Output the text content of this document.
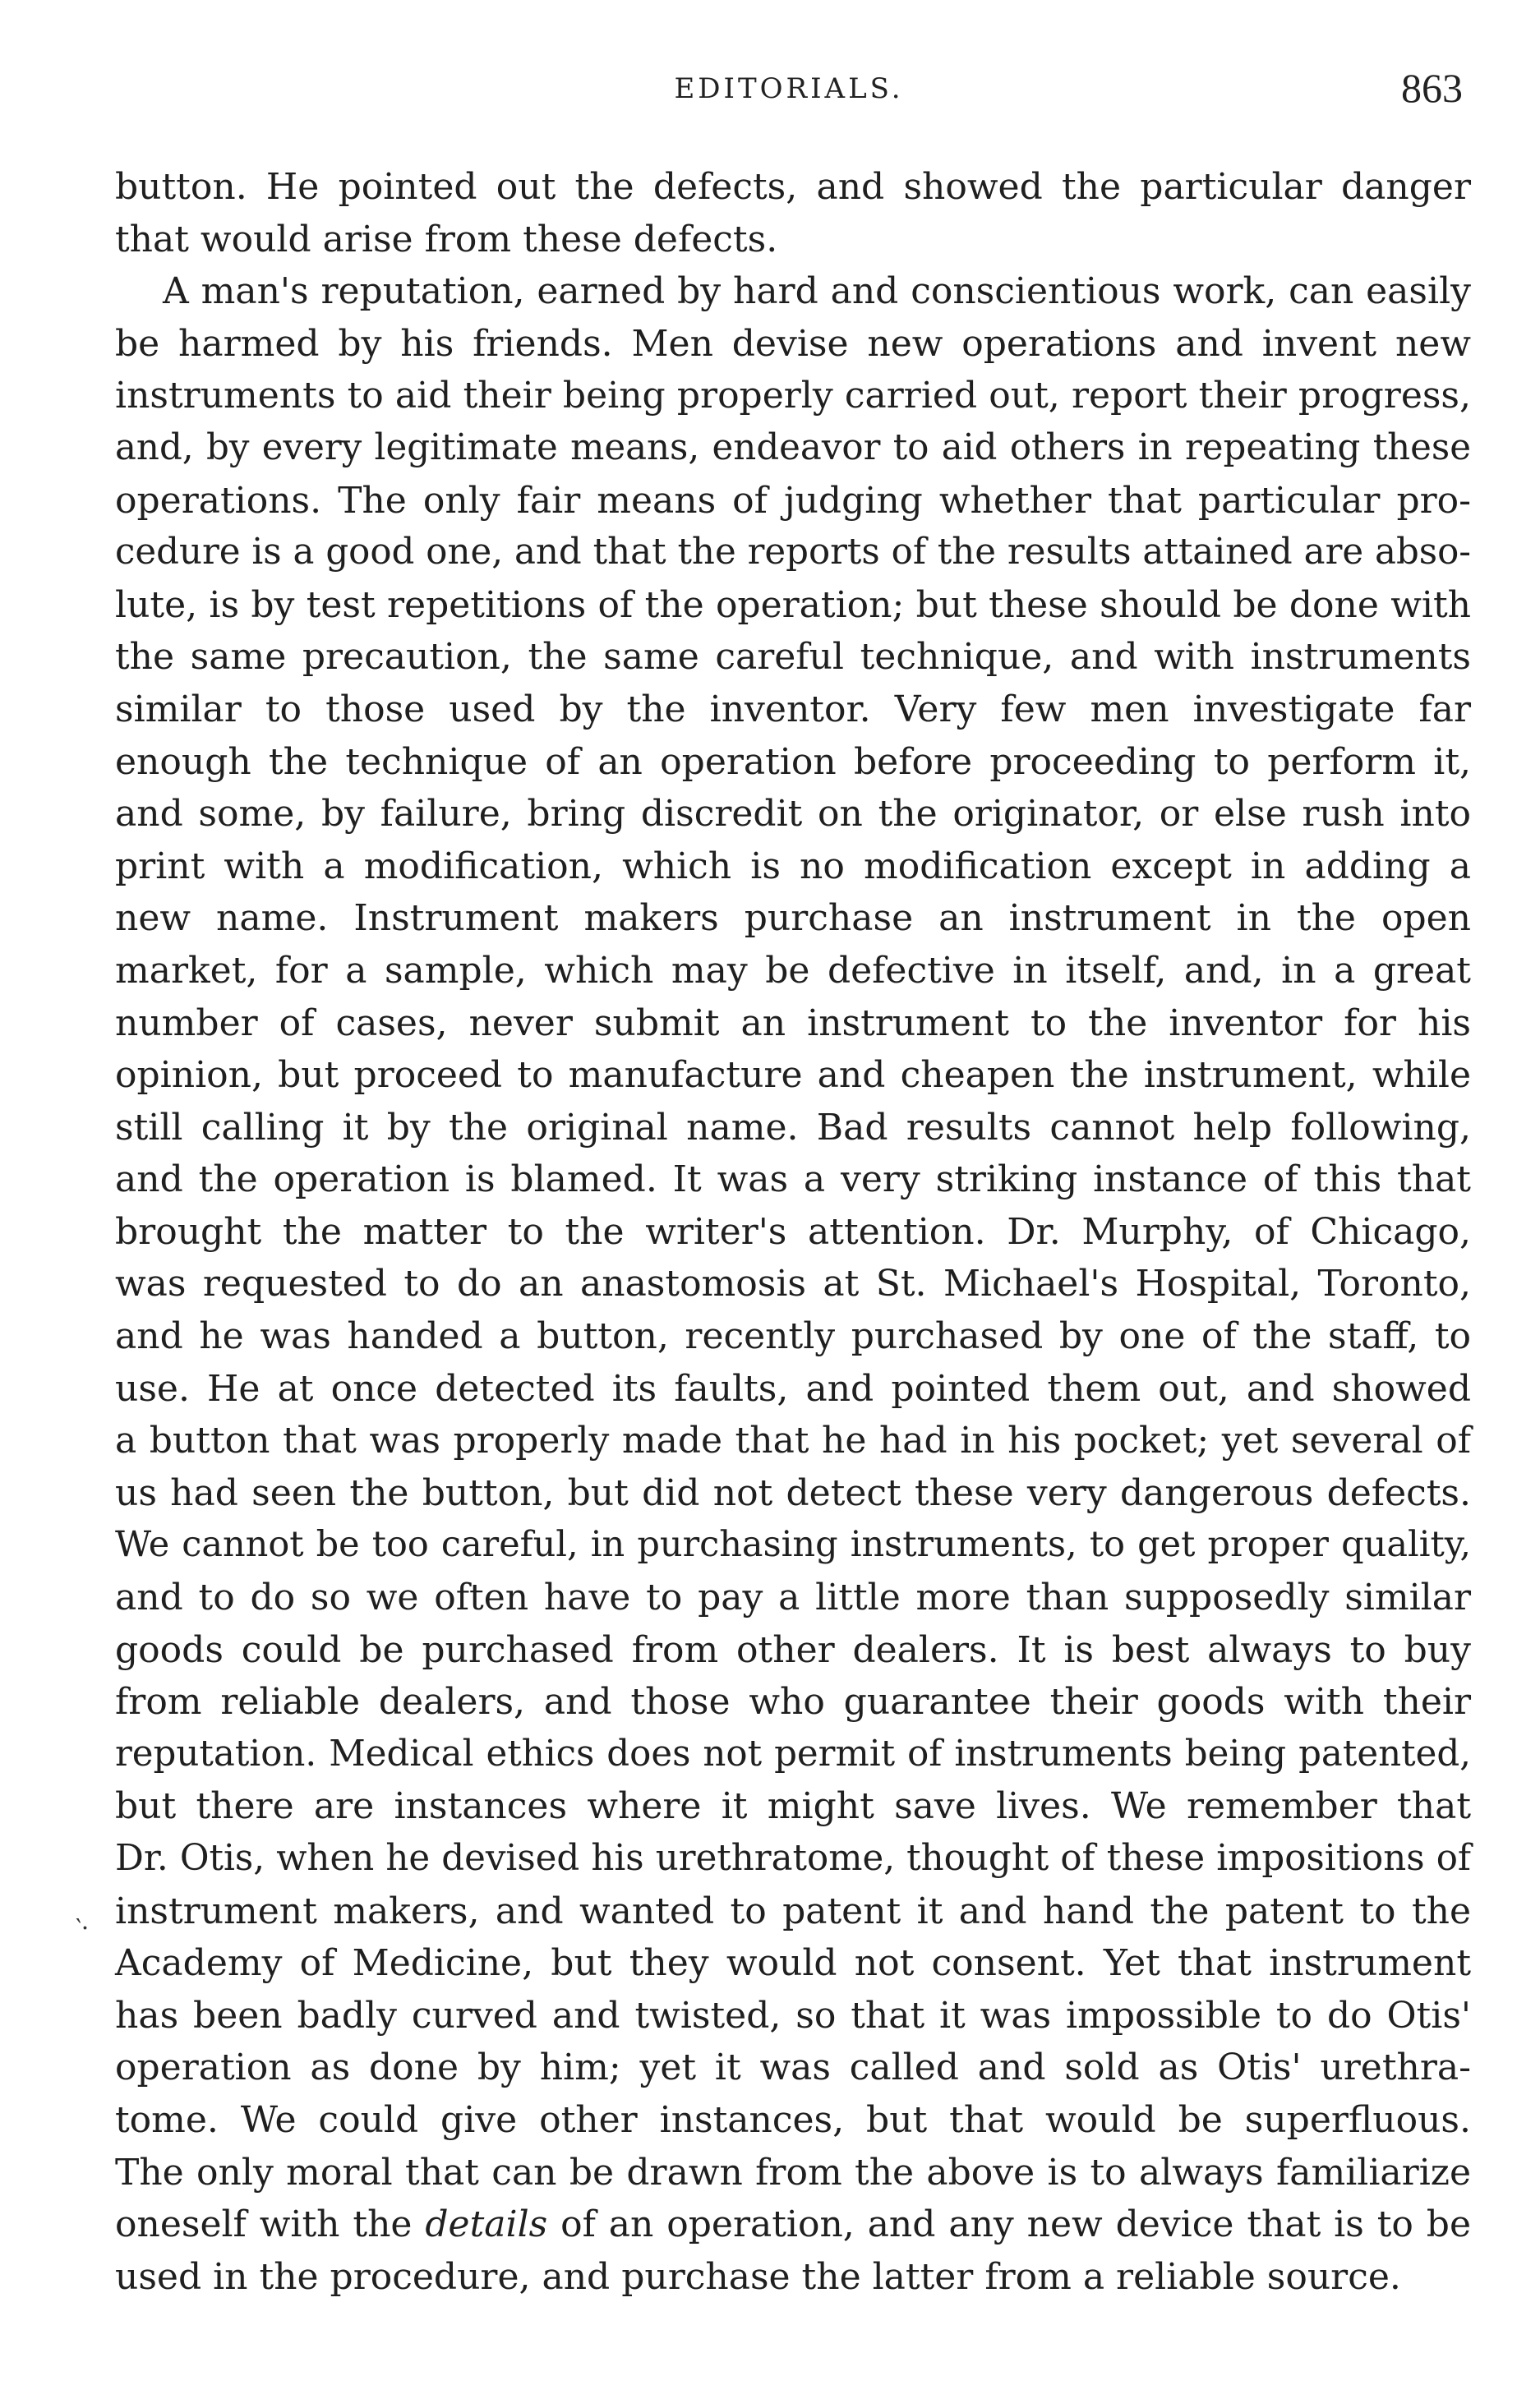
EDITORIALS.	863
‵·
button. He pointed out the defects, and showed the particular danger
that would arise from these defects.
A man's reputation, earned by hard and conscientious work, can easily
be harmed by his friends. Men devise new operations and invent new
instruments to aid their being properly carried out, report their progress,
and, by every legitimate means, endeavor to aid others in repeating these
operations. The only fair means of judging whether that particular pro-
cedure is a good one, and that the reports of the results attained are abso-
lute, is by test repetitions of the operation; but these should be done with
the same precaution, the same careful technique, and with instruments
similar to those used by the inventor. Very few men investigate far
enough the technique of an operation before proceeding to perform it,
and some, by failure, bring discredit on the originator, or else rush into
print with a modification, which is no modification except in adding a
new name. Instrument makers purchase an instrument in the open
market, for a sample, which may be defective in itself, and, in a great
number of cases, never submit an instrument to the inventor for his
opinion, but proceed to manufacture and cheapen the instrument, while
still calling it by the original name. Bad results cannot help following,
and the operation is blamed. It was a very striking instance of this that
brought the matter to the writer's attention. Dr. Murphy, of Chicago,
was requested to do an anastomosis at St. Michael's Hospital, Toronto,
and he was handed a button, recently purchased by one of the staff, to
use. He at once detected its faults, and pointed them out, and showed
a button that was properly made that he had in his pocket; yet several of
us had seen the button, but did not detect these very dangerous defects.
We cannot be too careful, in purchasing instruments, to get proper quality,
and to do so we often have to pay a little more than supposedly similar
goods could be purchased from other dealers. It is best always to buy
from reliable dealers, and those who guarantee their goods with their
reputation. Medical ethics does not permit of instruments being patented,
but there are instances where it might save lives. We remember that
Dr. Otis, when he devised his urethratome, thought of these impositions of
instrument makers, and wanted to patent it and hand the patent to the
Academy of Medicine, but they would not consent. Yet that instrument
has been badly curved and twisted, so that it was impossible to do Otis'
operation as done by him; yet it was called and sold as Otis' urethra-
tome. We could give other instances, but that would be superfluous.
The only moral that can be drawn from the above is to always familiarize
oneself with the details of an operation, and any new device that is to be
used in the procedure, and purchase the latter from a reliable source.
